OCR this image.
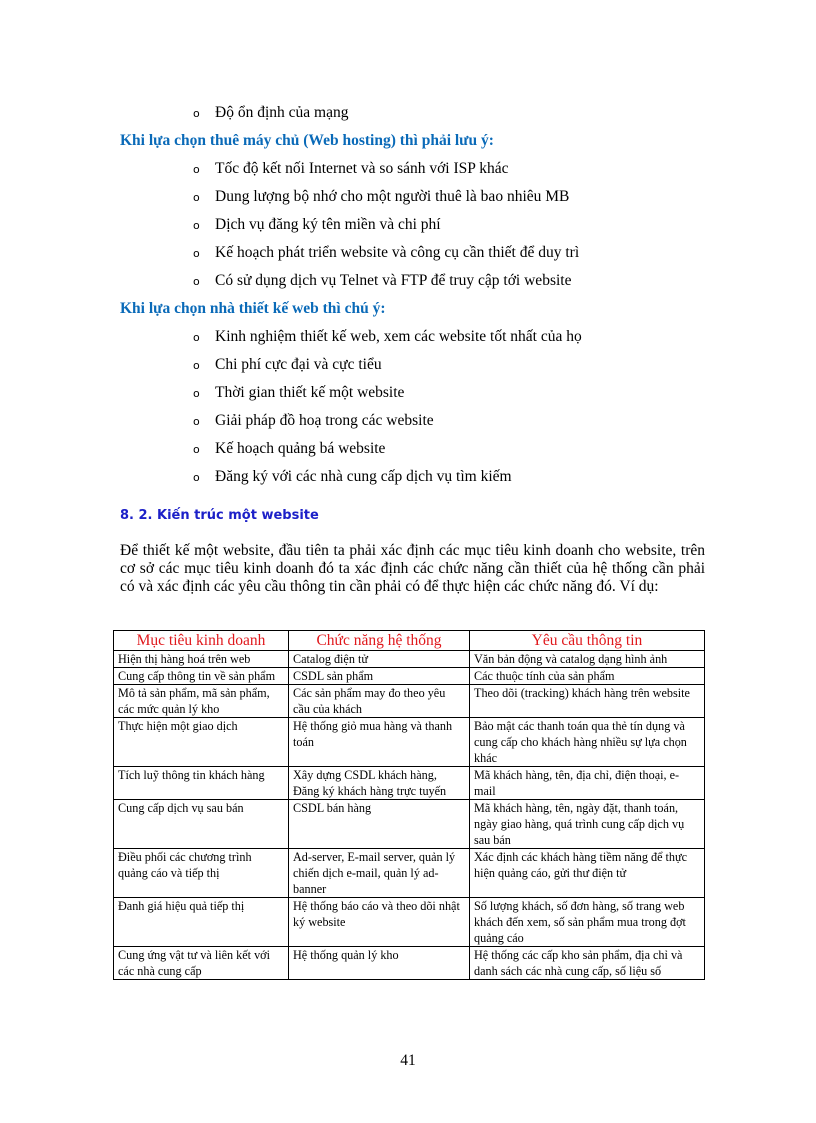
o Độ ổn định của mạng
Khi lựa chọn thuê máy chủ (Web hosting) thì phải lưu ý:
o Tốc độ kết nối Internet và so sánh với ISP khác
o Dung lượng bộ nhớ cho một người thuê là bao nhiêu MB
o Dịch vụ đăng ký tên miền và chi phí
o Kế hoạch phát triển website và công cụ cần thiết để duy trì
o Có sử dụng dịch vụ Telnet và FTP để truy cập tới website
Khi lựa chọn nhà thiết kế web thì chú ý:
o Kinh nghiệm thiết kế web, xem các website tốt nhất của họ
o Chi phí cực đại và cực tiểu
o Thời gian thiết kế một website
o Giải pháp đồ hoạ trong các website
o Kế hoạch quảng bá website
o Đăng ký với các nhà cung cấp dịch vụ tìm kiếm
8. 2. Kiến trúc một website
Để thiết kế một website, đầu tiên ta phải xác định các mục tiêu kinh doanh cho website, trên cơ sở các mục tiêu kinh doanh đó ta xác định các chức năng cần thiết của hệ thống cần phải có và xác định các yêu cầu thông tin cần phải có để thực hiện các chức năng đó. Ví dụ:
Mục tiêu kinh doanh	Chức năng hệ thống	Yêu cầu thông tin
Hiện thị hàng hoá trên web	Catalog điện tử	Văn bản động và catalog dạng hình ảnh
Cung cấp thông tin về sản phẩm	CSDL sản phẩm	Các thuộc tính của sản phẩm
Mô tả sản phẩm, mã sản phẩm, các mức quản lý kho	Các sản phẩm may đo theo yêu cầu của khách	Theo dõi (tracking) khách hàng trên website
Thực hiện một giao dịch	Hệ thống giỏ mua hàng và thanh toán	Bảo mật các thanh toán qua thẻ tín dụng và cung cấp cho khách hàng nhiều sự lựa chọn khác
Tích luỹ thông tin khách hàng	Xây dựng CSDL khách hàng, Đăng ký khách hàng trực tuyến	Mã khách hàng, tên, địa chỉ, điện thoại, e-mail
Cung cấp dịch vụ sau bán	CSDL bán hàng	Mã khách hàng, tên, ngày đặt, thanh toán, ngày giao hàng, quá trình cung cấp dịch vụ sau bán
Điều phối các chương trình quảng cáo và tiếp thị	Ad-server, E-mail server, quản lý chiến dịch e-mail, quản lý ad-banner	Xác định các khách hàng tiềm năng để thực hiện quảng cáo, gửi thư điện tử
Đanh giá hiệu quả tiếp thị	Hệ thống báo cáo và theo dõi nhật ký website	Số lượng khách, số đơn hàng, số trang web khách đến xem, số sản phẩm mua trong đợt quảng cáo
Cung ứng vật tư và liên kết với các nhà cung cấp	Hệ thống quản lý kho	Hệ thống các cấp kho sản phẩm, địa chỉ và danh sách các nhà cung cấp, số liệu số
41
